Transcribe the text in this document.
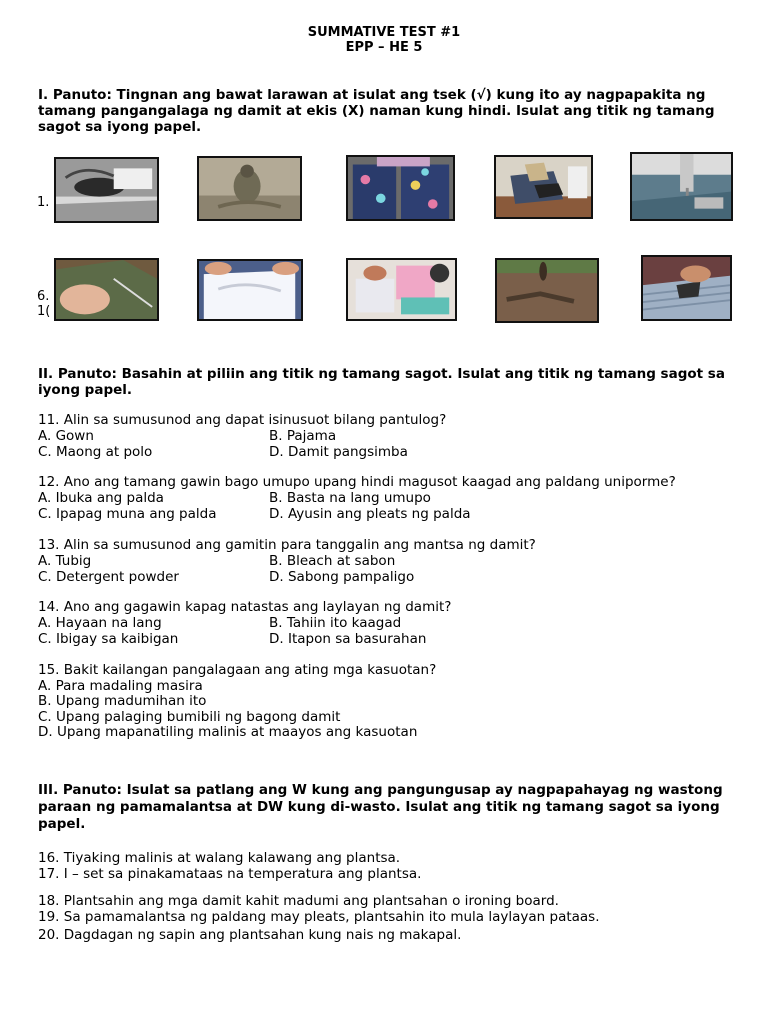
SUMMATIVE TEST #1
EPP – HE 5
I. Panuto: Tingnan ang bawat larawan at isulat ang tsek (√) kung ito ay nagpapakita ng tamang pangangalaga ng damit at ekis (X) naman kung hindi. Isulat ang titik ng tamang sagot sa iyong papel.
1.
6.
1(
II. Panuto: Basahin at piliin ang titik ng tamang sagot. Isulat ang titik ng tamang sagot sa iyong papel.
11. Alin sa sumusunod ang dapat isinusuot bilang pantulog?
A. Gown	B. Pajama
C. Maong at polo	D. Damit pangsimba
12. Ano ang tamang gawin bago umupo upang hindi magusot kaagad ang paldang uniporme?
A. Ibuka ang palda	B. Basta na lang umupo
C. Ipapag muna ang palda	D. Ayusin ang pleats ng palda
13. Alin sa sumusunod ang gamitin para tanggalin ang mantsa ng damit?
A. Tubig	B. Bleach at sabon
C. Detergent powder	D. Sabong pampaligo
14. Ano ang gagawin kapag natastas ang laylayan ng damit?
A. Hayaan na lang	B. Tahiin ito kaagad
C. Ibigay sa kaibigan	D. Itapon sa basurahan
15. Bakit kailangan pangalagaan ang ating mga kasuotan?
A. Para madaling masira
B. Upang madumihan ito
C. Upang palaging bumibili ng bagong damit
D. Upang mapanatiling malinis at maayos ang kasuotan
III. Panuto: Isulat sa patlang ang W kung ang pangungusap ay nagpapahayag ng wastong paraan ng pamamalantsa at DW kung di-wasto. Isulat ang titik ng tamang sagot sa iyong papel.
16. Tiyaking malinis at walang kalawang ang plantsa.
17. I – set sa pinakamataas na temperatura ang plantsa.
18. Plantsahin ang mga damit kahit madumi ang plantsahan o ironing board.
19. Sa pamamalantsa ng paldang may pleats, plantsahin ito mula laylayan pataas.
20. Dagdagan ng sapin ang plantsahan kung nais ng makapal.
